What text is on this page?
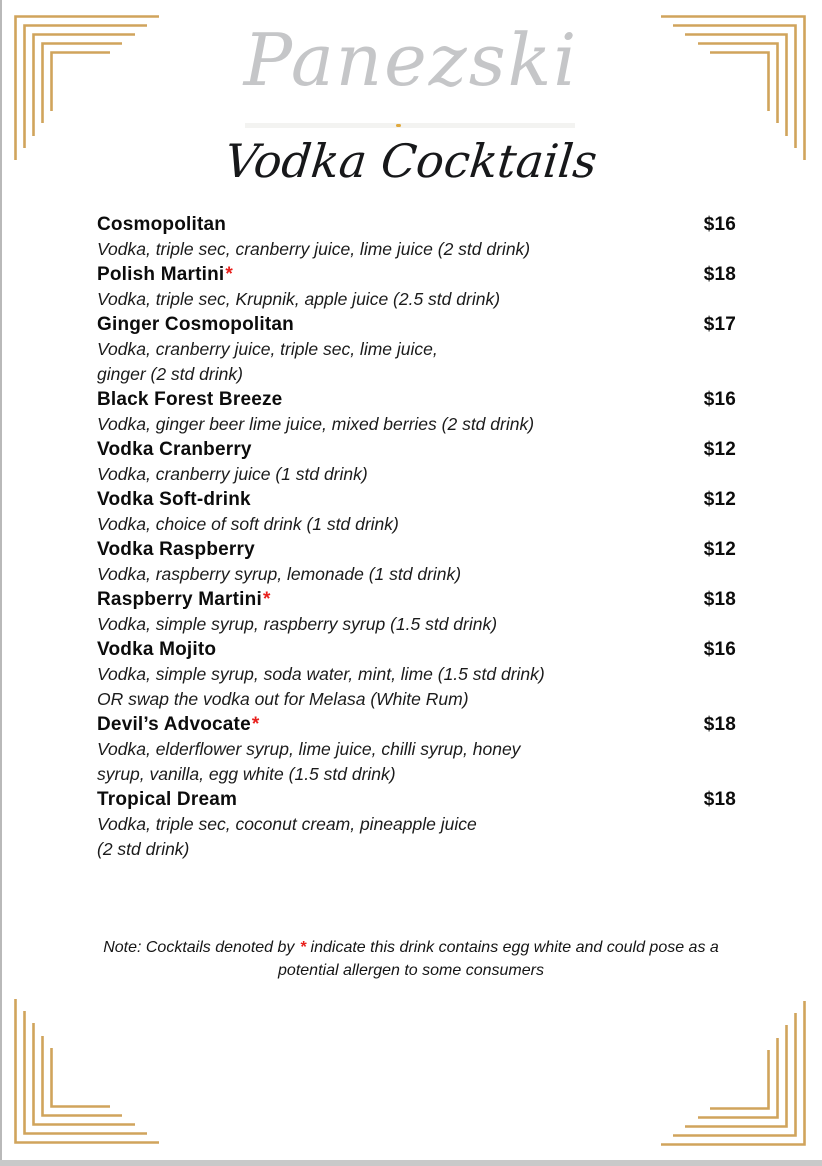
Panezski
Vodka Cocktails
Cosmopolitan	$16
Vodka, triple sec, cranberry juice, lime juice (2 std drink)
Polish Martini *	$18
Vodka, triple sec, Krupnik, apple juice (2.5 std drink)
Ginger Cosmopolitan	$17
Vodka, cranberry juice, triple sec, lime juice,
ginger (2 std drink)
Black Forest Breeze	$16
Vodka, ginger beer lime juice, mixed berries (2 std drink)
Vodka Cranberry	$12
Vodka, cranberry juice (1 std drink)
Vodka Soft-drink	$12
Vodka, choice of soft drink (1 std drink)
Vodka Raspberry	$12
Vodka, raspberry syrup, lemonade (1 std drink)
Raspberry Martini *	$18
Vodka, simple syrup, raspberry syrup (1.5 std drink)
Vodka Mojito	$16
Vodka, simple syrup, soda water, mint, lime (1.5 std drink)
OR swap the vodka out for Melasa (White Rum)
Devil’s Advocate *	$18
Vodka, elderflower syrup, lime juice, chilli syrup, honey
syrup, vanilla, egg white (1.5 std drink)
Tropical Dream	$18
Vodka, triple sec, coconut cream, pineapple juice
(2 std drink)
Note: Cocktails denoted by * indicate this drink contains egg white and could pose as a potential allergen to some consumers
